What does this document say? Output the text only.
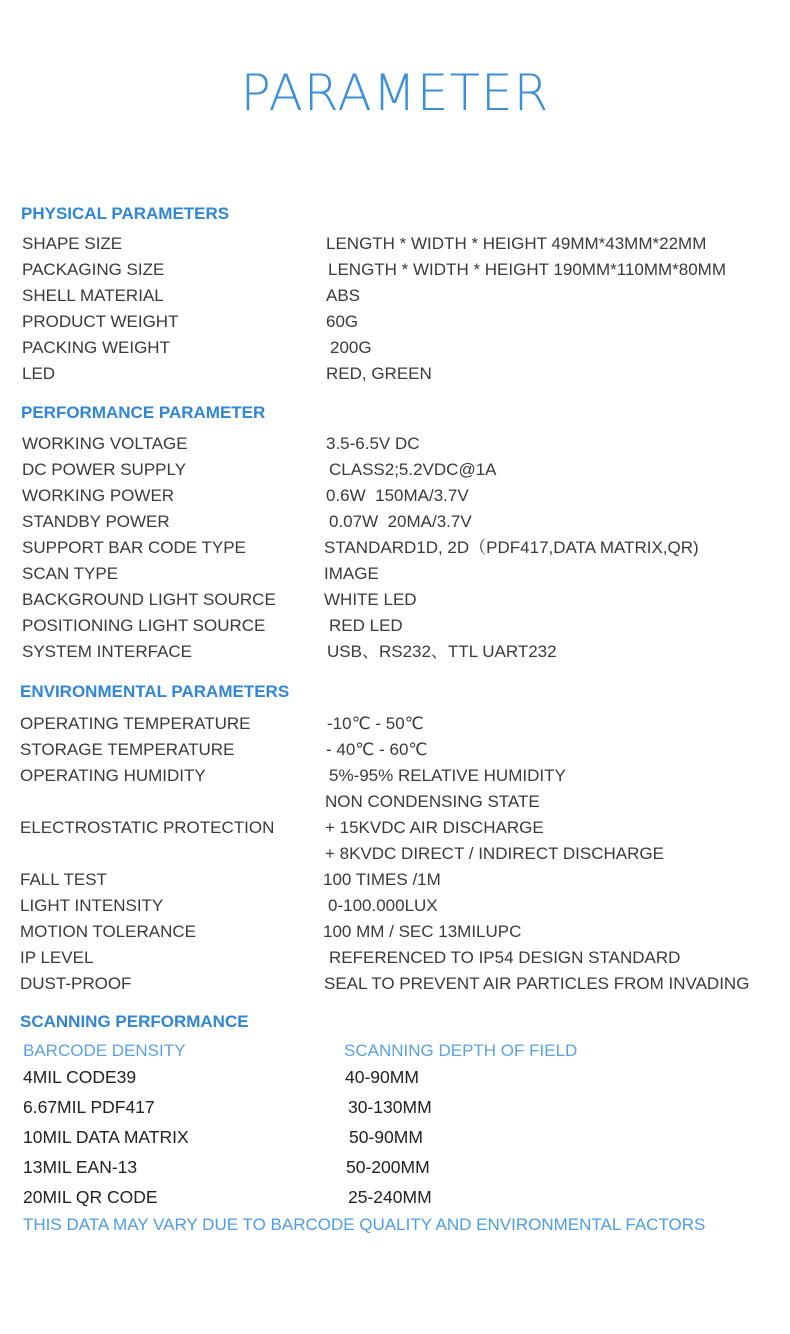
PARAMETER
PHYSICAL PARAMETERS
SHAPE SIZE	LENGTH * WIDTH * HEIGHT 49MM*43MM*22MM
PACKAGING SIZE	LENGTH * WIDTH * HEIGHT 190MM*110MM*80MM
SHELL MATERIAL	ABS
PRODUCT WEIGHT	60G
PACKING WEIGHT	200G
LED	RED, GREEN
PERFORMANCE PARAMETER
WORKING VOLTAGE	3.5-6.5V DC
DC POWER SUPPLY	CLASS2;5.2VDC@1A
WORKING POWER	0.6W  150MA/3.7V
STANDBY POWER	0.07W  20MA/3.7V
SUPPORT BAR CODE TYPE	STANDARD1D, 2D（PDF417,DATA MATRIX,QR)
SCAN TYPE	IMAGE
BACKGROUND LIGHT SOURCE	WHITE LED
POSITIONING LIGHT SOURCE	RED LED
SYSTEM INTERFACE	USB、RS232、TTL UART232
ENVIRONMENTAL PARAMETERS
OPERATING TEMPERATURE	-10℃ - 50℃
STORAGE TEMPERATURE	- 40℃ - 60℃
OPERATING HUMIDITY	5%-95% RELATIVE HUMIDITY
NON CONDENSING STATE
ELECTROSTATIC PROTECTION	+ 15KVDC AIR DISCHARGE
+ 8KVDC DIRECT / INDIRECT DISCHARGE
FALL TEST	100 TIMES /1M
LIGHT INTENSITY	0-100.000LUX
MOTION TOLERANCE	100 MM / SEC 13MILUPC
IP LEVEL	REFERENCED TO IP54 DESIGN STANDARD
DUST-PROOF	SEAL TO PREVENT AIR PARTICLES FROM INVADING
SCANNING PERFORMANCE
BARCODE DENSITY	SCANNING DEPTH OF FIELD
4MIL CODE39	40-90MM
6.67MIL PDF417	30-130MM
10MIL DATA MATRIX	50-90MM
13MIL EAN-13	50-200MM
20MIL QR CODE	25-240MM
THIS DATA MAY VARY DUE TO BARCODE QUALITY AND ENVIRONMENTAL FACTORS
